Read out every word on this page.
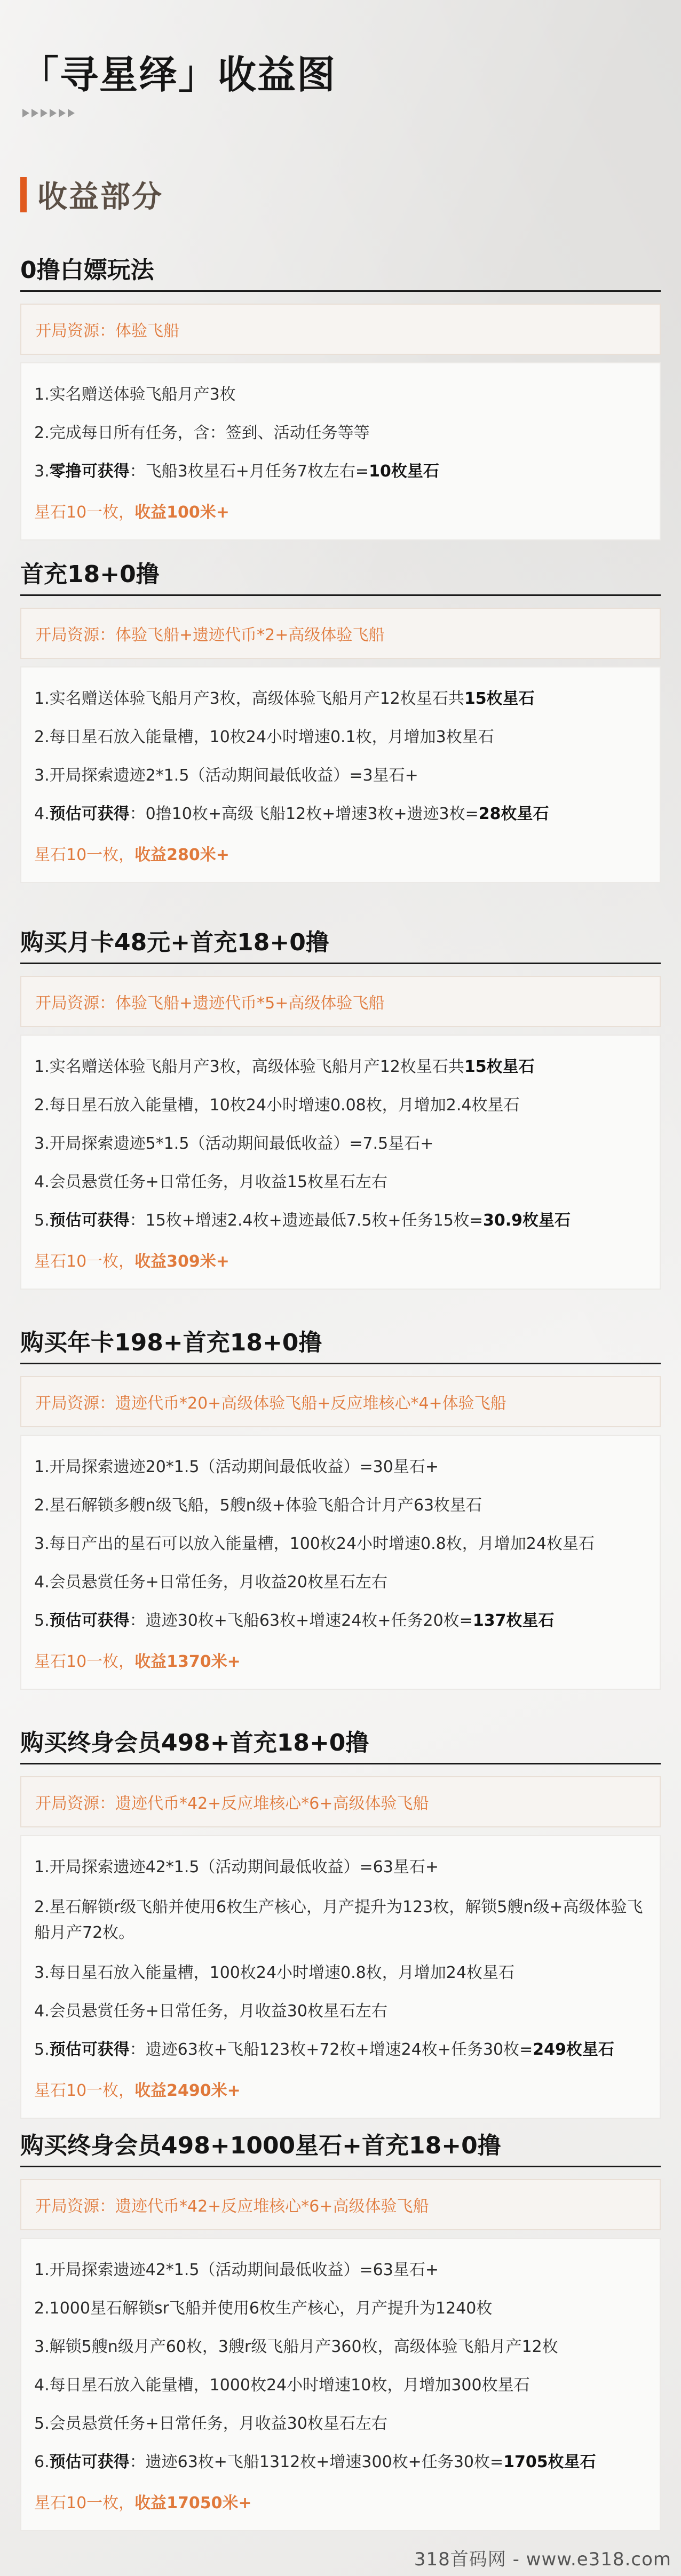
「寻星绎」收益图
收益部分
0撸白嫖玩法
开局资源：体验飞船
1.实名赠送体验飞船月产3枚
2.完成每日所有任务，含：签到、活动任务等等
3.零撸可获得：飞船3枚星石+月任务7枚左右=10枚星石
星石10一枚，收益100米+
首充18+0撸
开局资源：体验飞船+遗迹代币*2+高级体验飞船
1.实名赠送体验飞船月产3枚，高级体验飞船月产12枚星石共15枚星石
2.每日星石放入能量槽，10枚24小时增速0.1枚，月增加3枚星石
3.开局探索遗迹2*1.5（活动期间最低收益）=3星石+
4.预估可获得：0撸10枚+高级飞船12枚+增速3枚+遗迹3枚=28枚星石
星石10一枚，收益280米+
购买月卡48元+首充18+0撸
开局资源：体验飞船+遗迹代币*5+高级体验飞船
1.实名赠送体验飞船月产3枚，高级体验飞船月产12枚星石共15枚星石
2.每日星石放入能量槽，10枚24小时增速0.08枚，月增加2.4枚星石
3.开局探索遗迹5*1.5（活动期间最低收益）=7.5星石+
4.会员悬赏任务+日常任务，月收益15枚星石左右
5.预估可获得：15枚+增速2.4枚+遗迹最低7.5枚+任务15枚=30.9枚星石
星石10一枚，收益309米+
购买年卡198+首充18+0撸
开局资源：遗迹代币*20+高级体验飞船+反应堆核心*4+体验飞船
1.开局探索遗迹20*1.5（活动期间最低收益）=30星石+
2.星石解锁多艘n级飞船，5艘n级+体验飞船合计月产63枚星石
3.每日产出的星石可以放入能量槽，100枚24小时增速0.8枚，月增加24枚星石
4.会员悬赏任务+日常任务，月收益20枚星石左右
5.预估可获得：遗迹30枚+飞船63枚+增速24枚+任务20枚=137枚星石
星石10一枚，收益1370米+
购买终身会员498+首充18+0撸
开局资源：遗迹代币*42+反应堆核心*6+高级体验飞船
1.开局探索遗迹42*1.5（活动期间最低收益）=63星石+
2.星石解锁r级飞船并使用6枚生产核心，月产提升为123枚，解锁5艘n级+高级体验飞船月产72枚。
3.每日星石放入能量槽，100枚24小时增速0.8枚，月增加24枚星石
4.会员悬赏任务+日常任务，月收益30枚星石左右
5.预估可获得：遗迹63枚+飞船123枚+72枚+增速24枚+任务30枚=249枚星石
星石10一枚，收益2490米+
购买终身会员498+1000星石+首充18+0撸
开局资源：遗迹代币*42+反应堆核心*6+高级体验飞船
1.开局探索遗迹42*1.5（活动期间最低收益）=63星石+
2.1000星石解锁sr飞船并使用6枚生产核心，月产提升为1240枚
3.解锁5艘n级月产60枚，3艘r级飞船月产360枚，高级体验飞船月产12枚
4.每日星石放入能量槽，1000枚24小时增速10枚，月增加300枚星石
5.会员悬赏任务+日常任务，月收益30枚星石左右
6.预估可获得：遗迹63枚+飞船1312枚+增速300枚+任务30枚=1705枚星石
星石10一枚，收益17050米+
318首码网 - www.e318.com
